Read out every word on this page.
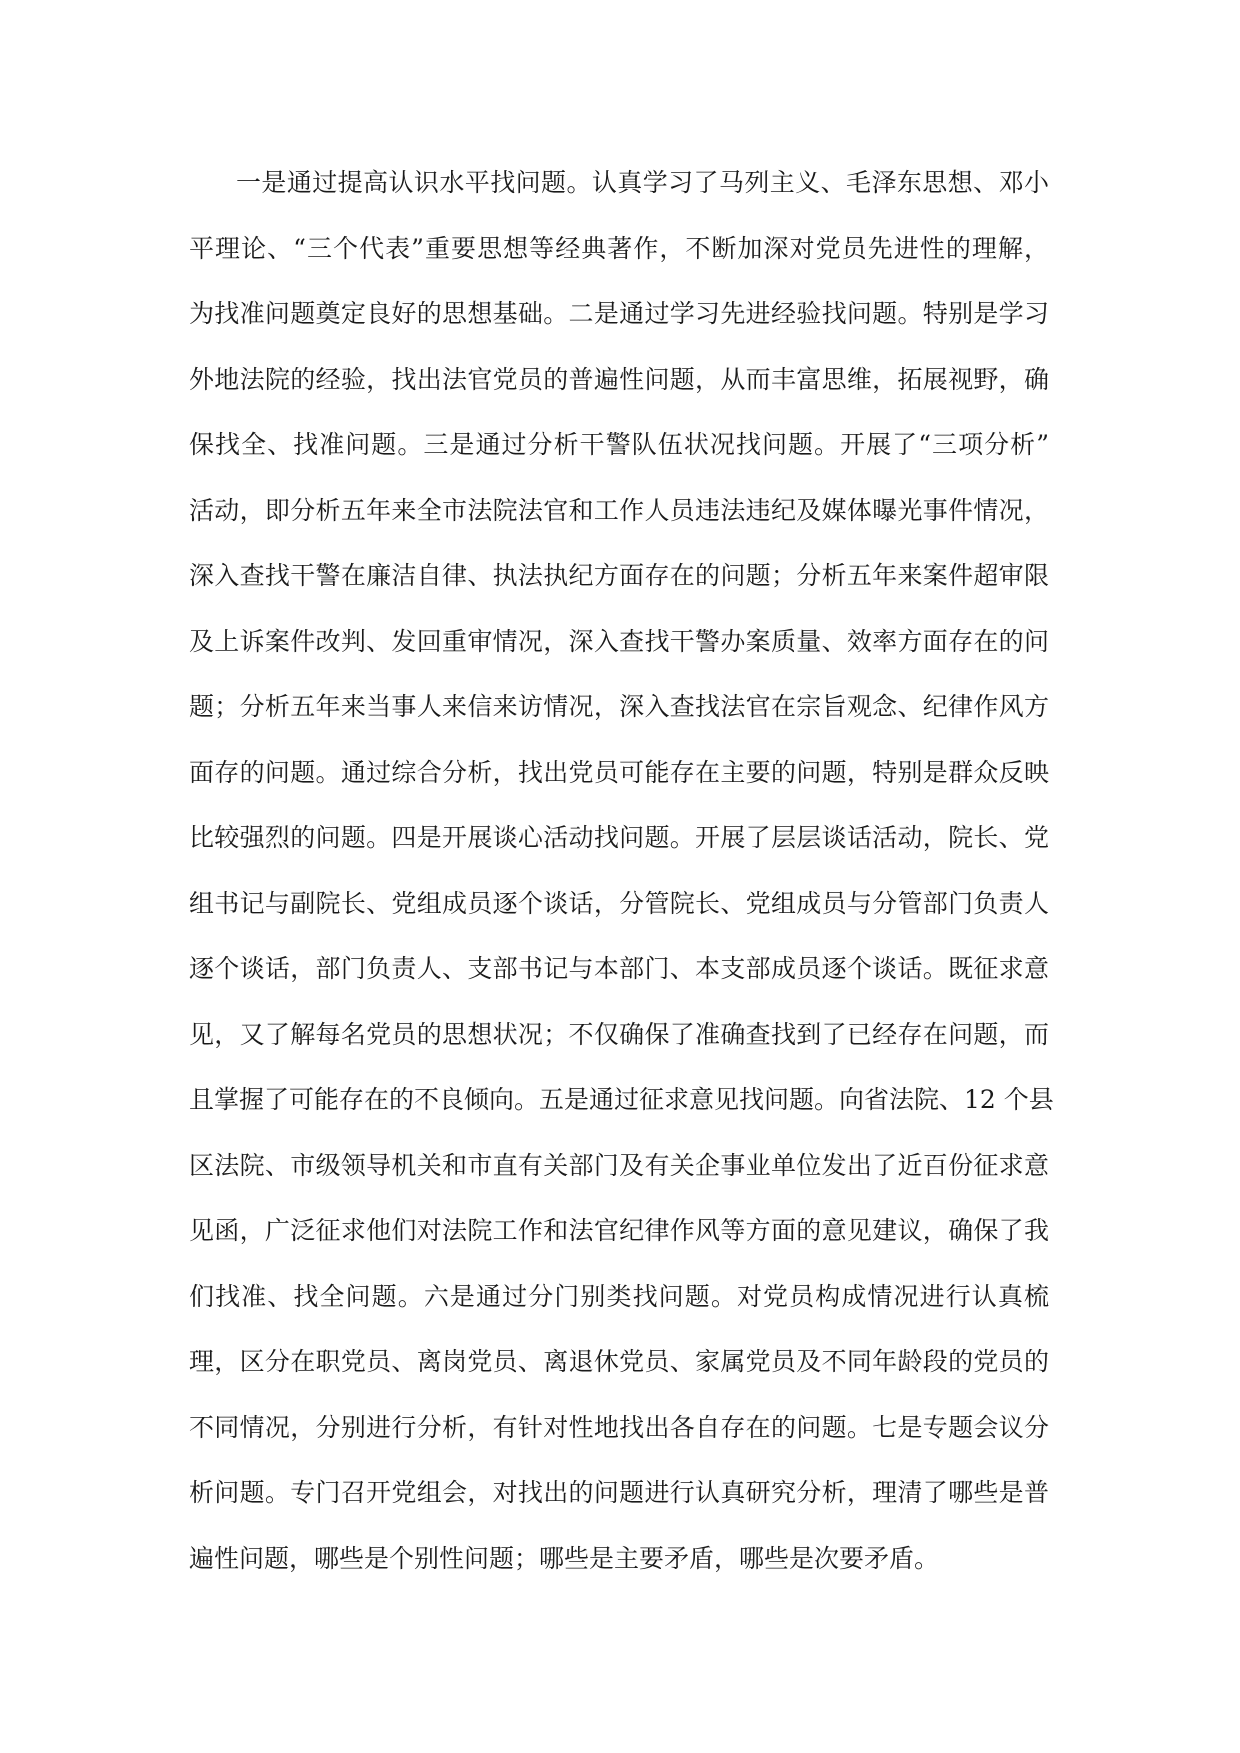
一是通过提高认识水平找问题。认真学习了马列主义、毛泽东思想、邓小
平理论、“三个代表”重要思想等经典著作，不断加深对党员先进性的理解，
为找准问题奠定良好的思想基础。二是通过学习先进经验找问题。特别是学习
外地法院的经验，找出法官党员的普遍性问题，从而丰富思维，拓展视野，确
保找全、找准问题。三是通过分析干警队伍状况找问题。开展了“三项分析”
活动，即分析五年来全市法院法官和工作人员违法违纪及媒体曝光事件情况，
深入查找干警在廉洁自律、执法执纪方面存在的问题；分析五年来案件超审限
及上诉案件改判、发回重审情况，深入查找干警办案质量、效率方面存在的问
题；分析五年来当事人来信来访情况，深入查找法官在宗旨观念、纪律作风方
面存的问题。通过综合分析，找出党员可能存在主要的问题，特别是群众反映
比较强烈的问题。四是开展谈心活动找问题。开展了层层谈话活动，院长、党
组书记与副院长、党组成员逐个谈话，分管院长、党组成员与分管部门负责人
逐个谈话，部门负责人、支部书记与本部门、本支部成员逐个谈话。既征求意
见，又了解每名党员的思想状况；不仅确保了准确查找到了已经存在问题，而
且掌握了可能存在的不良倾向。五是通过征求意见找问题。向省法院、12 个县
区法院、市级领导机关和市直有关部门及有关企事业单位发出了近百份征求意
见函，广泛征求他们对法院工作和法官纪律作风等方面的意见建议，确保了我
们找准、找全问题。六是通过分门别类找问题。对党员构成情况进行认真梳
理，区分在职党员、离岗党员、离退休党员、家属党员及不同年龄段的党员的
不同情况，分别进行分析，有针对性地找出各自存在的问题。七是专题会议分
析问题。专门召开党组会，对找出的问题进行认真研究分析，理清了哪些是普
遍性问题，哪些是个别性问题；哪些是主要矛盾，哪些是次要矛盾。
